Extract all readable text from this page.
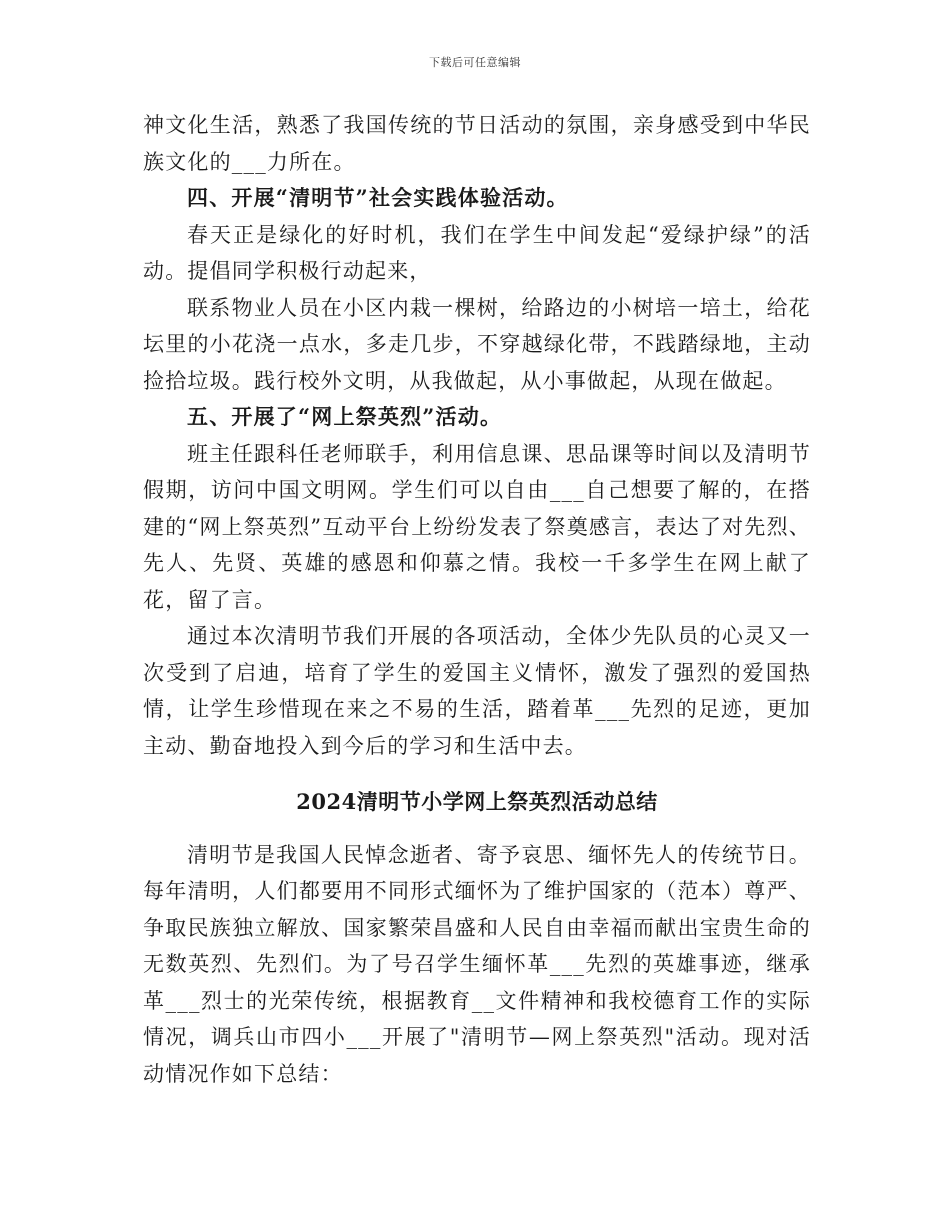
下载后可任意编辑

神文化生活，熟悉了我国传统的节日活动的氛围，亲身感受到中华民族文化的___力所在。

四、开展“清明节”社会实践体验活动。

春天正是绿化的好时机，我们在学生中间发起“爱绿护绿”的活动。提倡同学积极行动起来，

联系物业人员在小区内栽一棵树，给路边的小树培一培土，给花坛里的小花浇一点水，多走几步，不穿越绿化带，不践踏绿地，主动捡拾垃圾。践行校外文明，从我做起，从小事做起，从现在做起。

五、开展了“网上祭英烈”活动。

班主任跟科任老师联手，利用信息课、思品课等时间以及清明节假期，访问中国文明网。学生们可以自由___自己想要了解的，在搭建的“网上祭英烈”互动平台上纷纷发表了祭奠感言，表达了对先烈、先人、先贤、英雄的感恩和仰慕之情。我校一千多学生在网上献了花，留了言。

通过本次清明节我们开展的各项活动，全体少先队员的心灵又一次受到了启迪，培育了学生的爱国主义情怀，激发了强烈的爱国热情，让学生珍惜现在来之不易的生活，踏着革___先烈的足迹，更加主动、勤奋地投入到今后的学习和生活中去。

2024清明节小学网上祭英烈活动总结

清明节是我国人民悼念逝者、寄予哀思、缅怀先人的传统节日。每年清明，人们都要用不同形式缅怀为了维护国家的（范本）尊严、争取民族独立解放、国家繁荣昌盛和人民自由幸福而献出宝贵生命的无数英烈、先烈们。为了号召学生缅怀革___先烈的英雄事迹，继承革___烈士的光荣传统，根据教育__文件精神和我校德育工作的实际情况，调兵山市四小___开展了"清明节—网上祭英烈"活动。现对活动情况作如下总结：
